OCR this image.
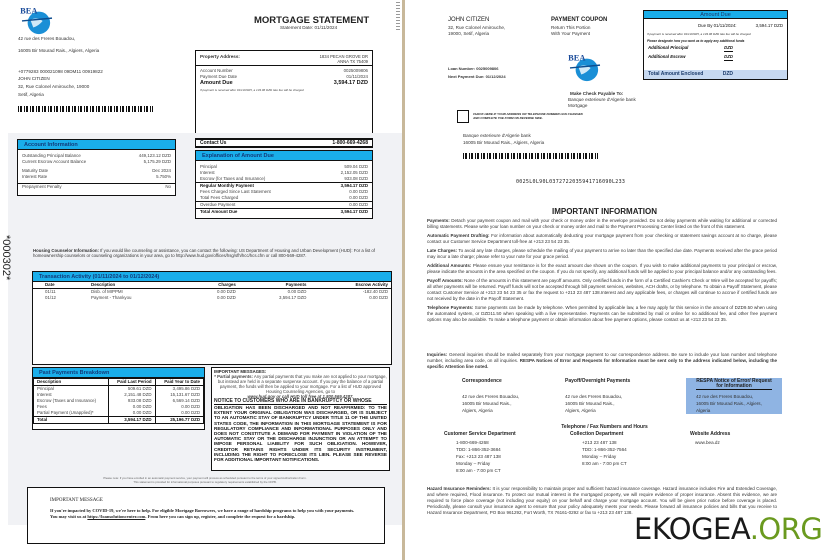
MORTGAGE STATEMENT
Statement Date: 01/11/2024
42 rue des Freres Bouadou,
16005 Bir Mourad Rais., Algiers, Algeria
+0779283 000021098 09DM11 00919822
JOHN CITIZEN
32, Rue Colonel Amirouche, 19000
Setif, Algeria
Property Address:	1834 PECAN GROVE DR
ANNA TX 75409
Account Number	0025009806
Payment Due Date	01/11/2024
Amount Due	3,594.17 DZD
If payment is received after 01/13/2025, a 133.06 DZD late fee will be charged
Contact Us	1-800-669-4268
Account Information
Outstanding Principal Balance	449,123.12 DZD
Current Escrow Account Balance	5,175.29 DZD
Maturity Date	Dec 2024
Interest Rate	5.750%
Prepayment Penalty	No
Explanation of Amount Due
Principal	509.04 DZD
Interest	2,152.05 DZD
Escrow (for Taxes and Insurance)	933.08 DZD
Regular Monthly Payment	3,594.17 DZD
Fees Charged Since Last Statement	0.00 DZD
Total Fees Charged	0.00 DZD
Overdue Payment	0.00 DZD
Total Amount Due	3,594.17 DZD
*000302*	Housing Counselor Information: If you would like counseling or assistance, you can contact the following: US Department of Housing and Urban Development (HUD): For a list of homeownership counselors or counseling organizations in your area, go to http://www.hud.gov/offices/hsg/sfh/hcc/hcs.cfm or call 800-569-4287.
Transaction Activity (01/11/2024 to 01/12/2024)
Date	Description	Charges	Payments	Escrow Activity
01/11	Disb. of MIPPMI	0.00 DZD	0.00 DZD	-182.40 DZD
01/12	Payment - Thankyou	0.00 DZD	3,594.17 DZD	0.00 DZD
Past Payments Breakdown
Description	Paid Last Period	Paid Year to Date
Principal	509.61 DZD	3,495.86 DZD
Interest	2,151.48 DZD	15,131.67 DZD
Escrow (Taxes and Insurance)	933.08 DZD	6,569.14 DZD
Fees	0.00 DZD	0.00 DZD
Partial Payment (Unapplied)*	0.00 DZD	0.00 DZD
Total	3,594.17 DZD	25,196.77 DZD
IMPORTANT MESSAGES:
* Partial payments: Any partial payments that you make are not applied to your mortgage, but instead are held in a separate suspense account. If you pay the balance of a partial payment, the funds will then be applied to your mortgage. For a list of HUD approved Housing Counseling Agencies, go to
www.hud.gov or call HUD toll free at 1.800.569.4287.
NOTICE TO CUSTOMERS WHO ARE IN BANKRUPTCY OR WHOSE
OBLIGATION HAS BEEN DISCHARGED AND NOT REAFFIRMED: TO THE EXTENT YOUR ORIGINAL OBLIGATION WAS DISCHARGED, OR IS SUBJECT TO AN AUTOMATIC STAY OF BANKRUPTCY UNDER TITLE 11 OF THE UNITED STATES CODE, THE INFORMATION IN THIS MORTGAGE STATEMENT IS FOR REGULATORY COMPLIANCE AND INFORMATIONAL PURPOSES ONLY AND DOES NOT CONSTITUTE A DEMAND FOR PAYMENT IN VIOLATION OF THE AUTOMATIC STAY OR THE DISCHARGE INJUNCTION OR AN ATTEMPT TO IMPOSE PERSONAL LIABILITY FOR SUCH OBLIGATION. HOWEVER, CREDITOR RETAINS RIGHTS UNDER ITS SECURITY INSTRUMENT, INCLUDING THE RIGHT TO FORECLOSE ITS LIEN. PLEASE SEE REVERSE FOR ADDITIONAL IMPORTANT NOTIFICATIONS.
Please note: If you have enrolled in an automatic payment service, your payment will process as scheduled pursuant to the terms of your signed Authorization Form.
This statement is provided for informational purposes pursuant to regulatory requirements established by the CFPB.
IMPORTANT MESSAGE
If you're impacted by COVID-19, we're here to help. For eligible Mortgage Borrowers, we have a range of hardship programs to help you with your payments. You may visit us at https://loansolutioncenter.com. From here you can sign up, register, and complete the request for a hardship.
JOHN CITIZEN
32, Rue Colonel Amirouche,
19000, Setif, Algeria
PAYMENT COUPON
Return This Portion
With Your Payment
Loan Number: 0025009806
Next Payment Due: 01/12/2024
Make Check Payable To:
Banque exterieure d'Algerie bank
Mortgage
Amount Due
Due By 01/11/2024:	3,594.17 DZD
If payment is received after 01/13/2025, a 133.06 DZD late fee will be charged
Please designate how you want us to apply any additional funds
Additional Principal	DZD
Additional Escrow	DZD
Total Amount Enclosed	DZD
CHECK HERE IF YOUR ADDRESS OR TELEPHONE NUMBER HAS CHANGED AND COMPLETE THE FORM ON REVERSE SIDE.
Banque exterieure d'Algerie bank
16005 Bir Mourad Rais., Algiers, Algeria
0025L0L90L0372722035941716090L233
IMPORTANT INFORMATION

Payments: Detach your payment coupon and mail with your check or money order in the envelope provided. Do not delay payments while waiting for additional or corrected billing statements. Please write your loan number on your check or money order and mail to the Payment Processing Center listed on the front of this statement.

Automatic Payment Drafting: For information about automatically deducting your mortgage payment from your checking or statement savings account at no charge, please contact our Customer Service Department toll-free at +213 23 54 23 35.

Late Charges: To avoid any late charges, please schedule the mailing of your payment to arrive no later than the specified due date. Payments received after the grace period may incur a late charge; please refer to your note for your grace period.

Additional Amounts: Please ensure your remittance is for the exact amount due shown on the coupon. If you wish to make additional payments to your principal or escrow, please indicate the amounts in the area specified on the coupon. If you do not specify, any additional funds will be applied to your principal balance and/or any outstanding fees.

Payoff Amounts: None of the amounts in this statement are payoff amounts. Only certified funds in the form of a Certified Cashier's Check or Wire will be accepted for payoffs; all other payments will be returned. Payoff funds will not be accepted through bill payment services, websites, ACH drafts, or by telephone. To obtain a Payoff Statement, please contact Customer Service at +213 23 54 23 35 or fax the request to +213 23 487 138.Interest and any applicable fees, or charges will continue to accrue if certified funds are not received by the date in the Payoff Statement.

Telephone Payments: Some payments can be made by telephone. When permitted by applicable law, a fee may apply for this service in the amount of DZD9.50 when using the automated system, or DZD11.50 when speaking with a live representative. Payments can be submitted by mail or online for no additional fee, and other free payment options may also be available. To make a telephone payment or obtain information about free payment options, please contact us at +213 23 54 23 35.

Inquiries: General inquiries should be mailed separately from your mortgage payment to our correspondence address. Be sure to include your loan number and telephone number, including area code, on all inquiries. RESPA Notices of Error and Requests for Information must be sent only to the address indicated below, including the specific Attention line noted.

Correspondence
42 rue des Freres Bouadou,
16005 Bir Mourad Rais.,
Algiers, Algeria
Payoff/Overnight Payments
42 rue des Freres Bouadou,
16005 Bir Mourad Rais.,
Algiers, Algeria
RESPA Notice of Error/ Request for Information
42 rue des Freres Bouadou,
16005 Bir Mourad Rais., Algiers,
Algeria
Telephone / Fax Numbers and Hours
Customer Service Department
1-800-669-4268
TDD: 1-866-352-3684
Fax: +213 23 487 138
Monday – Friday
8:00 am - 7:00 pm CT
Collection Department
+213 23 487 138
TDD: 1-866-352-7564
Monday – Friday
8:00 am - 7:00 pm CT
Website Address
www.bea.dz

Hazard Insurance Reminders: It is your responsibility to maintain proper and sufficient hazard insurance coverage. Hazard insurance includes Fire and Extended Coverage, and where required, Flood insurance. To protect our mutual interest in the mortgaged property, we will require evidence of proper insurance. Absent this evidence, we are required to force place coverage (not including your equity) on your behalf and charge your mortgage account. You will be given prior notice before coverage is placed. Periodically, please consult your insurance agent to ensure that your policy adequately meets your needs. Please forward all insurance policies and bills that you receive to Hazard Insurance Department, PO Box 961292, Fort Worth, TX 76161-0292 or fax to +213 23 487 138. EKOGEA.ORG
